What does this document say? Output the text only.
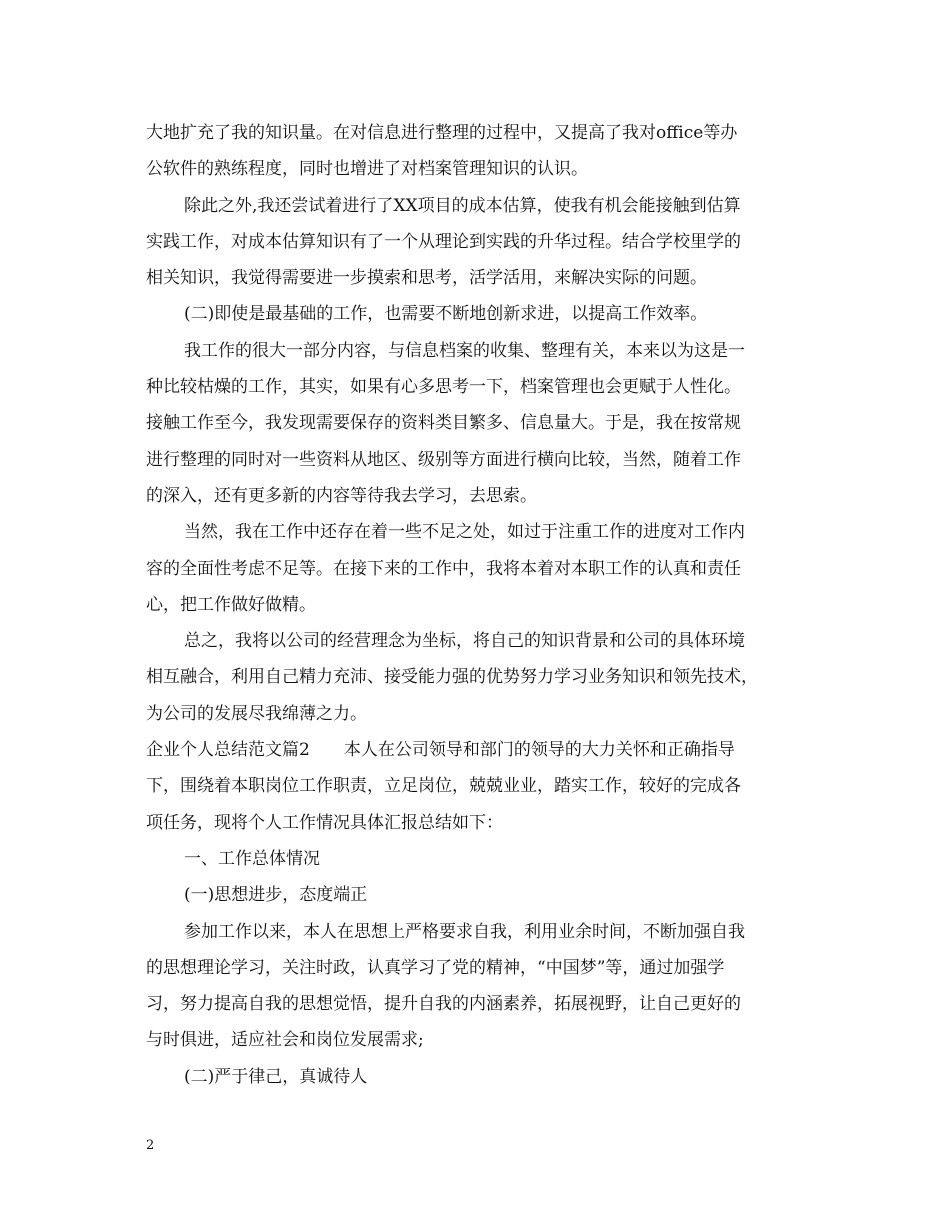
大地扩充了我的知识量。在对信息进行整理的过程中，又提高了我对office等办
公软件的熟练程度，同时也增进了对档案管理知识的认识。
除此之外,我还尝试着进行了XX项目的成本估算，使我有机会能接触到估算
实践工作，对成本估算知识有了一个从理论到实践的升华过程。结合学校里学的
相关知识，我觉得需要进一步摸索和思考，活学活用，来解决实际的问题。
(二)即使是最基础的工作，也需要不断地创新求进，以提高工作效率。
我工作的很大一部分内容，与信息档案的收集、整理有关，本来以为这是一
种比较枯燥的工作，其实，如果有心多思考一下，档案管理也会更赋于人性化。
接触工作至今，我发现需要保存的资料类目繁多、信息量大。于是，我在按常规
进行整理的同时对一些资料从地区、级别等方面进行横向比较，当然，随着工作
的深入，还有更多新的内容等待我去学习，去思索。
当然，我在工作中还存在着一些不足之处，如过于注重工作的进度对工作内
容的全面性考虑不足等。在接下来的工作中，我将本着对本职工作的认真和责任
心，把工作做好做精。
总之，我将以公司的经营理念为坐标，将自己的知识背景和公司的具体环境
相互融合，利用自己精力充沛、接受能力强的优势努力学习业务知识和领先技术，
为公司的发展尽我绵薄之力。
企业个人总结范文篇2　　本人在公司领导和部门的领导的大力关怀和正确指导
下，围绕着本职岗位工作职责，立足岗位，兢兢业业，踏实工作，较好的完成各
项任务，现将个人工作情况具体汇报总结如下：
一、工作总体情况
(一)思想进步，态度端正
参加工作以来，本人在思想上严格要求自我，利用业余时间，不断加强自我
的思想理论学习，关注时政，认真学习了党的精神，“中国梦”等，通过加强学
习，努力提高自我的思想觉悟，提升自我的内涵素养，拓展视野，让自己更好的
与时俱进，适应社会和岗位发展需求;
(二)严于律己，真诚待人
2
